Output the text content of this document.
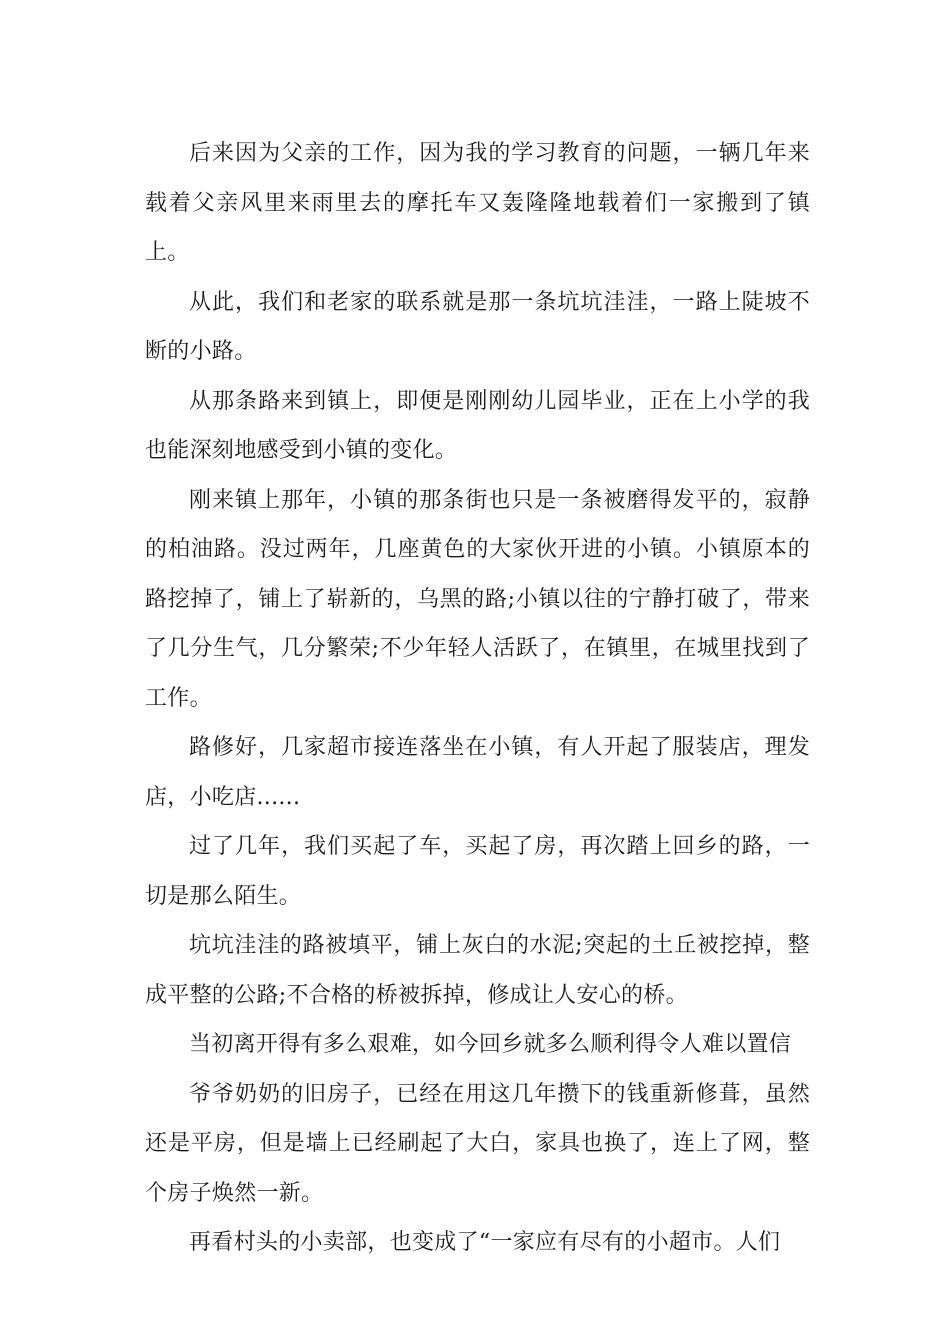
后来因为父亲的工作，因为我的学习教育的问题，一辆几年来载着父亲风里来雨里去的摩托车又轰隆隆地载着们一家搬到了镇上。

从此，我们和老家的联系就是那一条坑坑洼洼，一路上陡坡不断的小路。

从那条路来到镇上，即便是刚刚幼儿园毕业，正在上小学的我也能深刻地感受到小镇的变化。

刚来镇上那年，小镇的那条街也只是一条被磨得发平的，寂静的柏油路。没过两年，几座黄色的大家伙开进的小镇。小镇原本的路挖掉了，铺上了崭新的，乌黑的路;小镇以往的宁静打破了，带来了几分生气，几分繁荣;不少年轻人活跃了，在镇里，在城里找到了工作。

路修好，几家超市接连落坐在小镇，有人开起了服装店，理发店，小吃店......

过了几年，我们买起了车，买起了房，再次踏上回乡的路，一切是那么陌生。

坑坑洼洼的路被填平，铺上灰白的水泥;突起的土丘被挖掉，整成平整的公路;不合格的桥被拆掉，修成让人安心的桥。

当初离开得有多么艰难，如今回乡就多么顺利得令人难以置信

爷爷奶奶的旧房子，已经在用这几年攒下的钱重新修葺，虽然还是平房，但是墙上已经刷起了大白，家具也换了，连上了网，整个房子焕然一新。

再看村头的小卖部，也变成了“一家应有尽有的小超市。人们
